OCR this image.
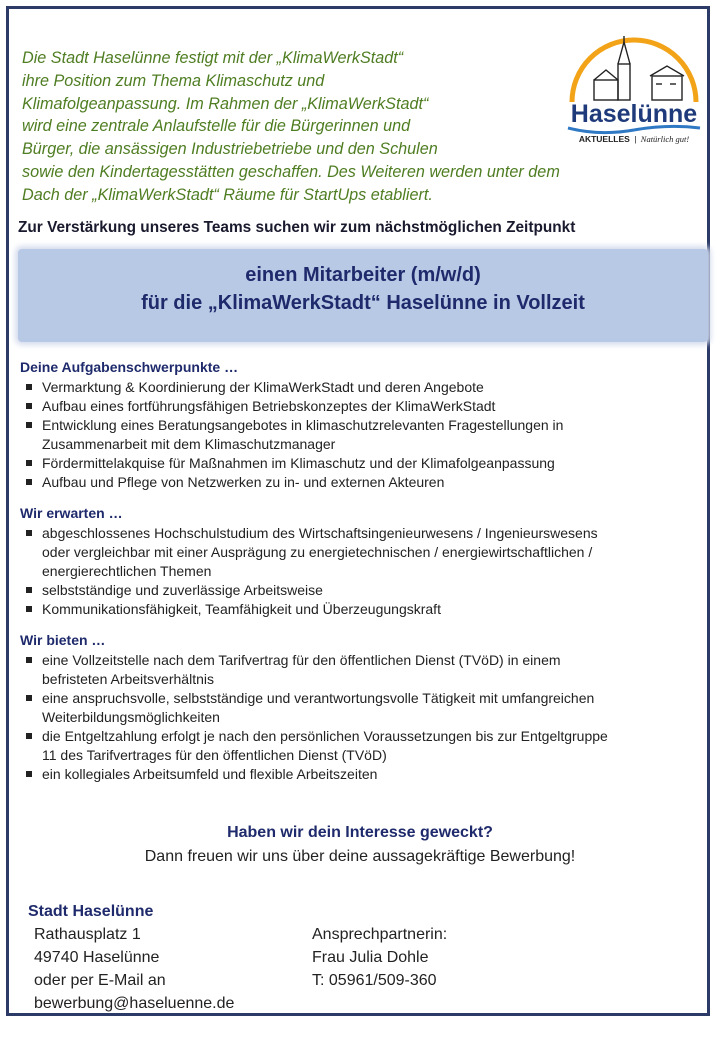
Die Stadt Haselünne festigt mit der „KlimaWerkStadt“
ihre Position zum Thema Klimaschutz und
Klimafolgeanpassung. Im Rahmen der „KlimaWerkStadt“
wird eine zentrale Anlaufstelle für die Bürgerinnen und
Bürger, die ansässigen Industriebetriebe und den Schulen
sowie den Kindertagesstätten geschaffen. Des Weiteren werden unter dem
Dach der „KlimaWerkStadt“ Räume für StartUps etabliert.
Haselünne
AKTUELLES | Natürlich gut!
Zur Verstärkung unseres Teams suchen wir zum nächstmöglichen Zeitpunkt
einen Mitarbeiter (m/w/d)
für die „KlimaWerkStadt“ Haselünne in Vollzeit
Deine Aufgabenschwerpunkte …
Vermarktung & Koordinierung der KlimaWerkStadt und deren Angebote
Aufbau eines fortführungsfähigen Betriebskonzeptes der KlimaWerkStadt
Entwicklung eines Beratungsangebotes in klimaschutzrelevanten Fragestellungen in
Zusammenarbeit mit dem Klimaschutzmanager
Fördermittelakquise für Maßnahmen im Klimaschutz und der Klimafolgeanpassung
Aufbau und Pflege von Netzwerken zu in- und externen Akteuren
Wir erwarten …
abgeschlossenes Hochschulstudium des Wirtschaftsingenieurwesens / Ingenieurswesens
oder vergleichbar mit einer Ausprägung zu energietechnischen / energiewirtschaftlichen /
energierechtlichen Themen
selbstständige und zuverlässige Arbeitsweise
Kommunikationsfähigkeit, Teamfähigkeit und Überzeugungskraft
Wir bieten …
eine Vollzeitstelle nach dem Tarifvertrag für den öffentlichen Dienst (TVöD) in einem
befristeten Arbeitsverhältnis
eine anspruchsvolle, selbstständige und verantwortungsvolle Tätigkeit mit umfangreichen
Weiterbildungsmöglichkeiten
die Entgeltzahlung erfolgt je nach den persönlichen Voraussetzungen bis zur Entgeltgruppe
11 des Tarifvertrages für den öffentlichen Dienst (TVöD)
ein kollegiales Arbeitsumfeld und flexible Arbeitszeiten
Haben wir dein Interesse geweckt?
Dann freuen wir uns über deine aussagekräftige Bewerbung!
Stadt Haselünne
Rathausplatz 1
49740 Haselünne
oder per E-Mail an
bewerbung@haseluenne.de
Ansprechpartnerin:
Frau Julia Dohle
T: 05961/509-360
